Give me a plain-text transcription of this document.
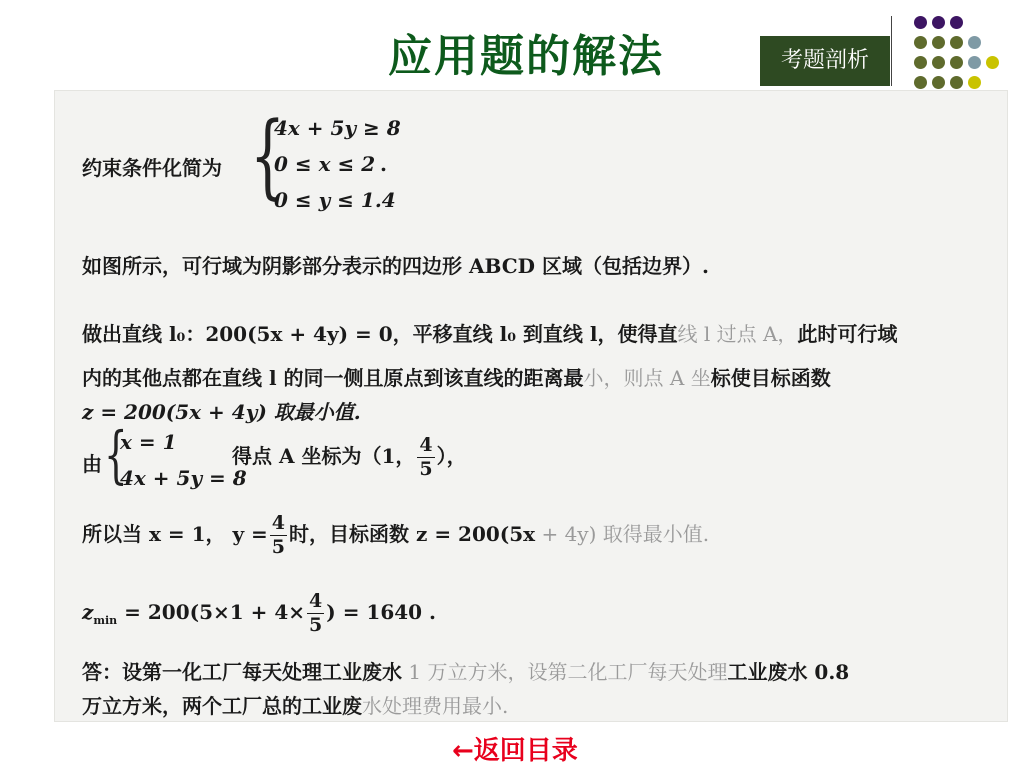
应用题的解法	考题剖析
约束条件化简为 {
4x + 5y ≥ 8
0 ≤ x ≤ 2
0 ≤ y ≤ 1.4
.
如图所示，可行域为阴影部分表示的四边形 ABCD 区域（包括边界）.
做出直线 l₀：200(5x + 4y) = 0，平移直线 l₀ 到直线 l，使得直线 l 过点 A，此时可行域
内的其他点都在直线 l 的同一侧且原点到该直线的距离最小，则点 A 坐标使目标函数
z = 200(5x + 4y) 取最小值.
由 {
x = 1
4x + 5y = 8
得点 A 坐标为（1， $\frac{4}{5}$ ），
所以当 x = 1， $y = \frac{4}{5}$ 时，目标函数 z = 200(5x + 4y) 取得最小值.
$z_{min} = 200(5\times 1 + 4\times \frac{4}{5}$ ) = 1640 .
答：设第一化工厂每天处理工业废水 1 万立方米，设第二化工厂每天处理工业废水 0.8
万立方米，两个工厂总的工业废水处理费用最小.
←返回目录
